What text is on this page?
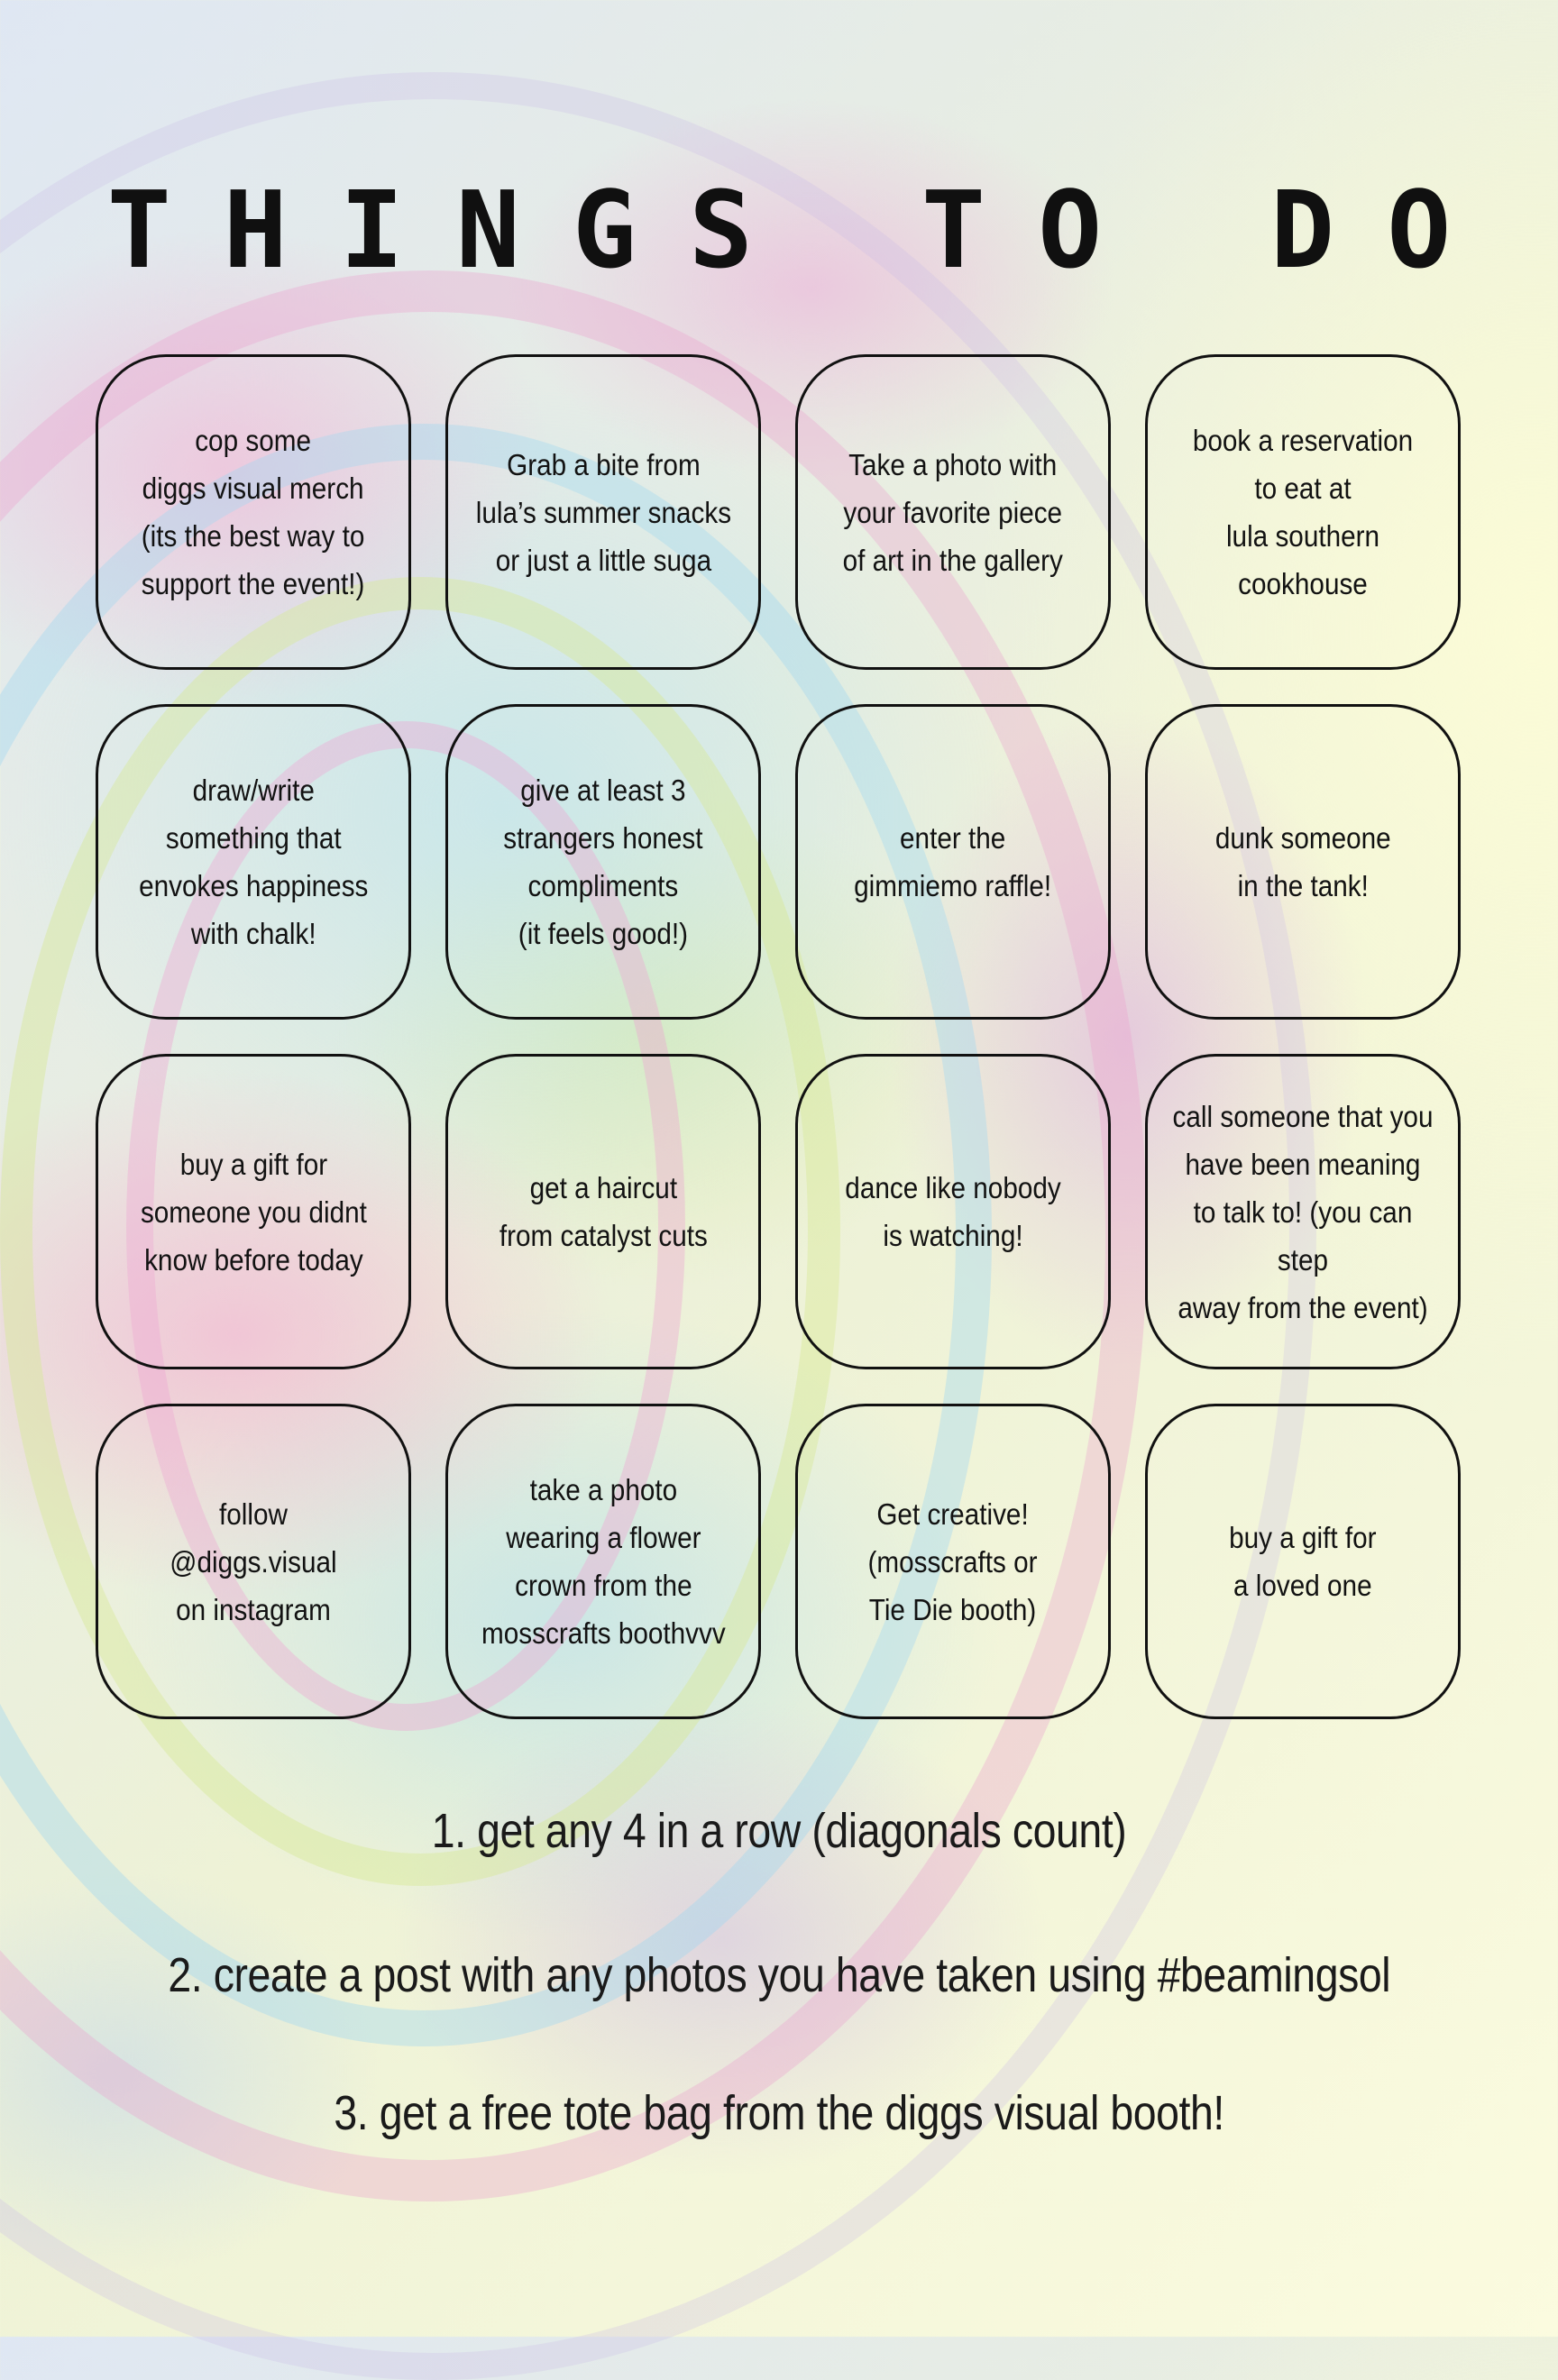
THINGS TO DO
cop some
diggs visual merch
(its the best way to
support the event!)
Grab a bite from
lula’s summer snacks
or just a little suga
Take a photo with
your favorite piece
of art in the gallery
book a reservation
to eat at
lula southern cookhouse
draw/write
something that
envokes happiness
with chalk!
give at least 3
strangers honest
compliments
(it feels good!)
enter the
gimmiemo raffle!
dunk someone
in the tank!
buy a gift for
someone you didnt
know before today
get a haircut
from catalyst cuts
dance like nobody
is watching!
call someone that you
have been meaning
to talk to! (you can step
away from the event)
follow
@diggs.visual
on instagram
take a photo
wearing a flower
crown from the
mosscrafts boothvvv
Get creative!
(mosscrafts or
Tie Die booth)
buy a gift for
a loved one
1. get any 4 in a row (diagonals count)
2. create a post with any photos you have taken using #beamingsol
3. get a free tote bag from the diggs visual booth!
